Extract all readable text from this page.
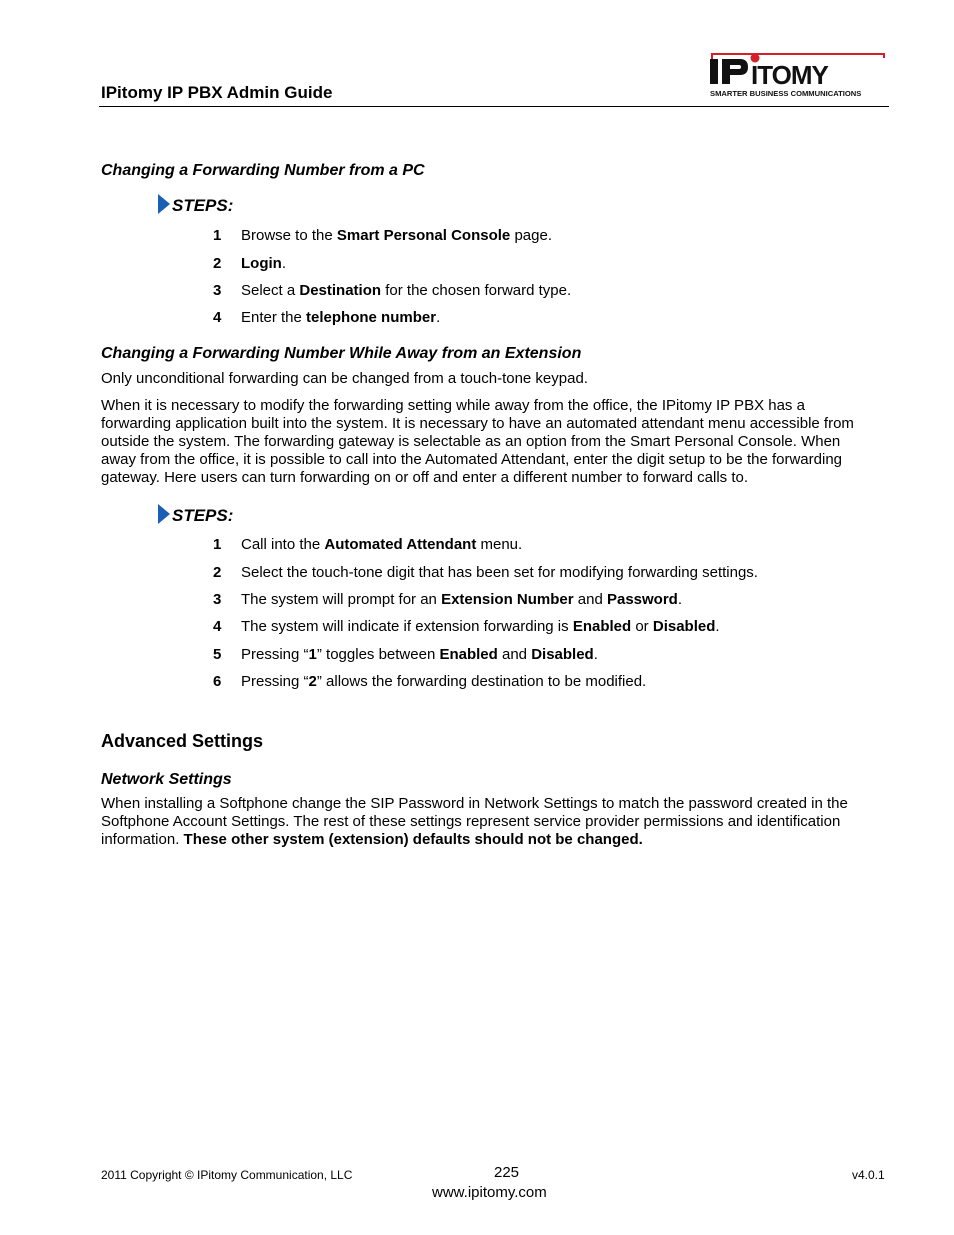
IPitomy IP PBX Admin Guide
ITOMY
SMARTER BUSINESS COMMUNICATIONS
Changing a Forwarding Number from a PC
STEPS:
1 Browse to the Smart Personal Console page.
2 Login.
3 Select a Destination for the chosen forward type.
4 Enter the telephone number.
Changing a Forwarding Number While Away from an Extension
Only unconditional forwarding can be changed from a touch-tone keypad.
When it is necessary to modify the forwarding setting while away from the office, the IPitomy IP PBX has a
forwarding application built into the system. It is necessary to have an automated attendant menu accessible from
outside the system. The forwarding gateway is selectable as an option from the Smart Personal Console. When
away from the office, it is possible to call into the Automated Attendant, enter the digit setup to be the forwarding
gateway. Here users can turn forwarding on or off and enter a different number to forward calls to.
STEPS:
1 Call into the Automated Attendant menu.
2 Select the touch-tone digit that has been set for modifying forwarding settings.
3 The system will prompt for an Extension Number and Password.
4 The system will indicate if extension forwarding is Enabled or Disabled.
5 Pressing “1” toggles between Enabled and Disabled.
6 Pressing “2” allows the forwarding destination to be modified.
Advanced Settings
Network Settings
When installing a Softphone change the SIP Password in Network Settings to match the password created in the
Softphone Account Settings. The rest of these settings represent service provider permissions and identification
information. These other system (extension) defaults should not be changed.
2011 Copyright © IPitomy Communication, LLC	225
www.ipitomy.com
v4.0.1
